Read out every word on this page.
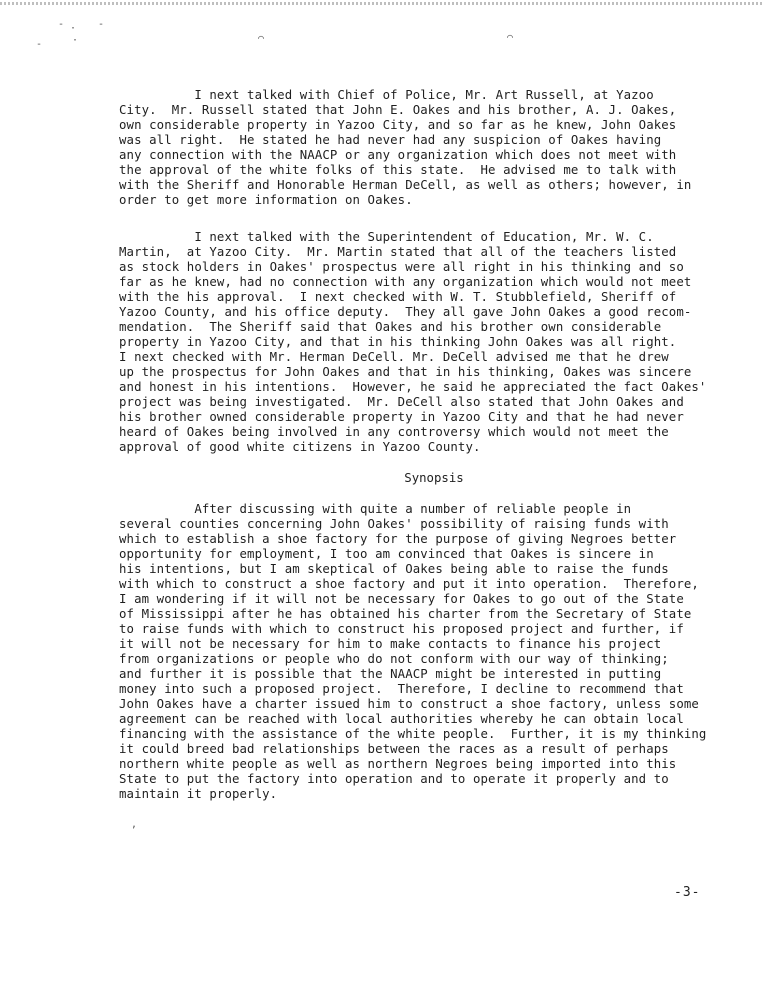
- · -
-	·	⌒	⌒
,
I next talked with Chief of Police, Mr. Art Russell, at Yazoo
City.  Mr. Russell stated that John E. Oakes and his brother, A. J. Oakes,
own considerable property in Yazoo City, and so far as he knew, John Oakes
was all right.  He stated he had never had any suspicion of Oakes having
any connection with the NAACP or any organization which does not meet with
the approval of the white folks of this state.  He advised me to talk with
with the Sheriff and Honorable Herman DeCell, as well as others; however, in
order to get more information on Oakes.
I next talked with the Superintendent of Education, Mr. W. C.
Martin,  at Yazoo City.  Mr. Martin stated that all of the teachers listed
as stock holders in Oakes' prospectus were all right in his thinking and so
far as he knew, had no connection with any organization which would not meet
with the his approval.  I next checked with W. T. Stubblefield, Sheriff of
Yazoo County, and his office deputy.  They all gave John Oakes a good recom-
mendation.  The Sheriff said that Oakes and his brother own considerable
property in Yazoo City, and that in his thinking John Oakes was all right.
I next checked with Mr. Herman DeCell. Mr. DeCell advised me that he drew
up the prospectus for John Oakes and that in his thinking, Oakes was sincere
and honest in his intentions.  However, he said he appreciated the fact Oakes'
project was being investigated.  Mr. DeCell also stated that John Oakes and
his brother owned considerable property in Yazoo City and that he had never
heard of Oakes being involved in any controversy which would not meet the
approval of good white citizens in Yazoo County.
Synopsis
After discussing with quite a number of reliable people in
several counties concerning John Oakes' possibility of raising funds with
which to establish a shoe factory for the purpose of giving Negroes better
opportunity for employment, I too am convinced that Oakes is sincere in
his intentions, but I am skeptical of Oakes being able to raise the funds
with which to construct a shoe factory and put it into operation.  Therefore,
I am wondering if it will not be necessary for Oakes to go out of the State
of Mississippi after he has obtained his charter from the Secretary of State
to raise funds with which to construct his proposed project and further, if
it will not be necessary for him to make contacts to finance his project
from organizations or people who do not conform with our way of thinking;
and further it is possible that the NAACP might be interested in putting
money into such a proposed project.  Therefore, I decline to recommend that
John Oakes have a charter issued him to construct a shoe factory, unless some
agreement can be reached with local authorities whereby he can obtain local
financing with the assistance of the white people.  Further, it is my thinking
it could breed bad relationships between the races as a result of perhaps
northern white people as well as northern Negroes being imported into this
State to put the factory into operation and to operate it properly and to
maintain it properly.
-3-
